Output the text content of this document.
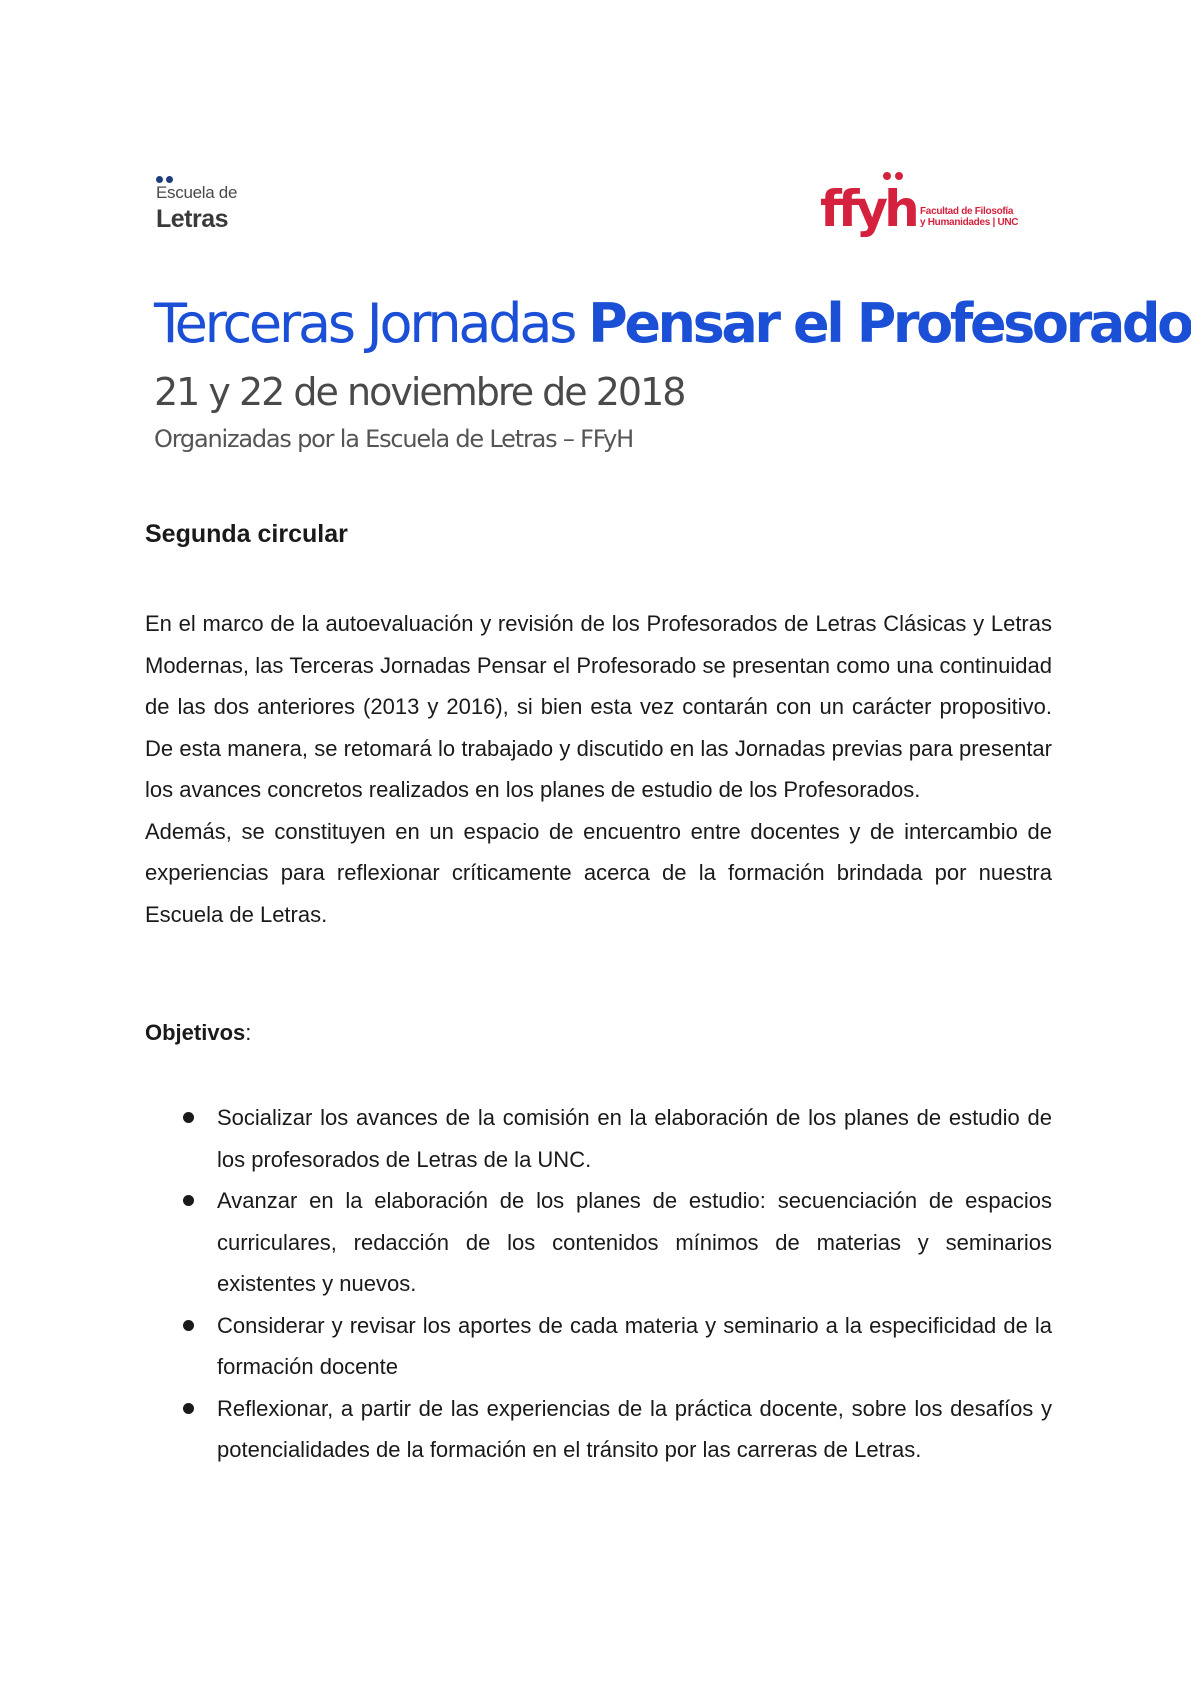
Escuela de
Letras	ffyh Facultad de Filosofía
y Humanidades | UNC
Terceras Jornadas Pensar el Profesorado
21 y 22 de noviembre de 2018
Organizadas por la Escuela de Letras – FFyH
Segunda circular

En el marco de la autoevaluación y revisión de los Profesorados de Letras Clásicas y Letras Modernas, las Terceras Jornadas Pensar el Profesorado se presentan como una continuidad de las dos anteriores (2013 y 2016), si bien esta vez contarán con un carácter propositivo. De esta manera, se retomará lo trabajado y discutido en las Jornadas previas para presentar los avances concretos realizados en los planes de estudio de los Profesorados.

Además, se constituyen en un espacio de encuentro entre docentes y de intercambio de experiencias para reflexionar críticamente acerca de la formación brindada por nuestra Escuela de Letras.

Objetivos:
Socializar los avances de la comisión en la elaboración de los planes de estudio de los profesorados de Letras de la UNC.
Avanzar en la elaboración de los planes de estudio: secuenciación de espacios curriculares, redacción de los contenidos mínimos de materias y seminarios existentes y nuevos.
Considerar y revisar los aportes de cada materia y seminario a la especificidad de la formación docente
Reflexionar, a partir de las experiencias de la práctica docente, sobre los desafíos y potencialidades de la formación en el tránsito por las carreras de Letras.
